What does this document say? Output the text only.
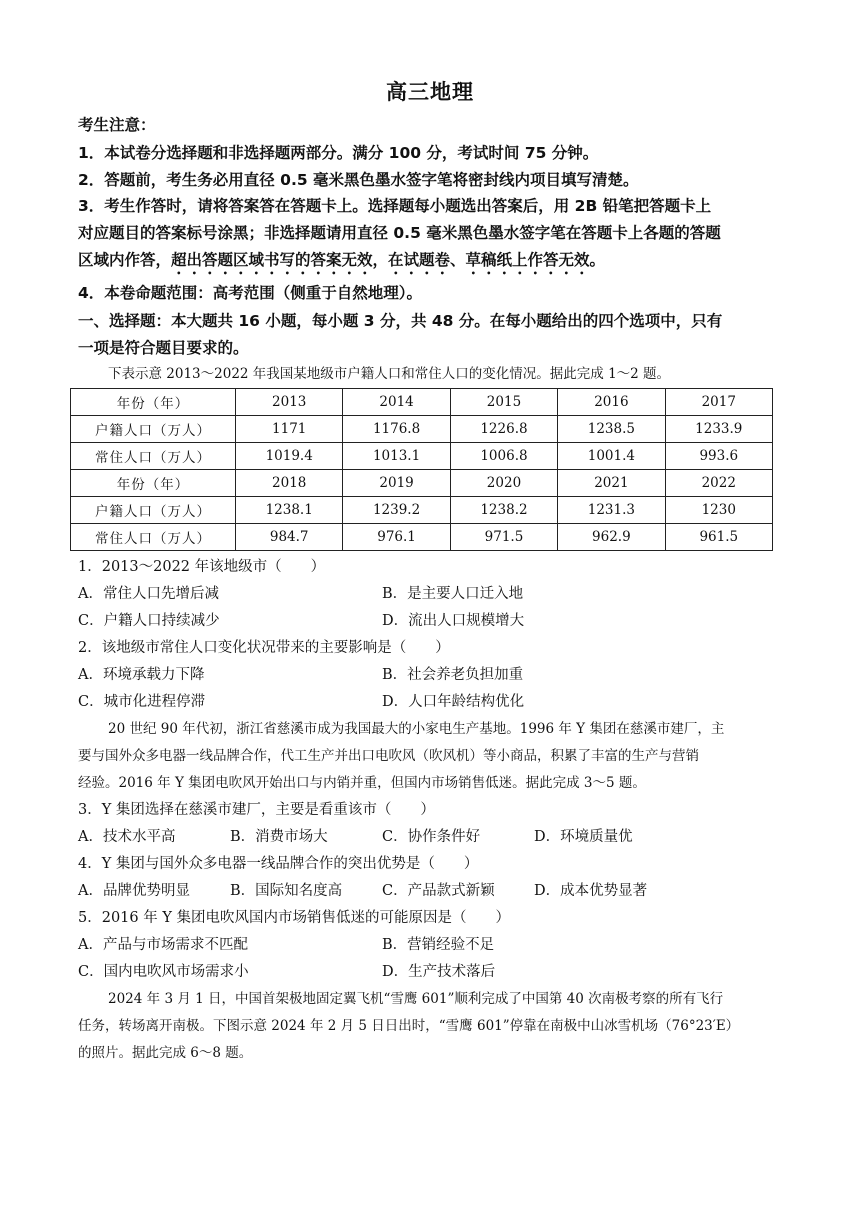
高三地理
考生注意：
1．本试卷分选择题和非选择题两部分。满分 100 分，考试时间 75 分钟。
2．答题前，考生务必用直径 0.5 毫米黑色墨水签字笔将密封线内项目填写清楚。
3．考生作答时，请将答案答在答题卡上。选择题每小题选出答案后，用 2B 铅笔把答题卡上
对应题目的答案标号涂黑；非选择题请用直径 0.5 毫米黑色墨水签字笔在答题卡上各题的答题
区域内作答，超出答题区域书写的答案无效，在试题卷、草稿纸上作答无效。
4．本卷命题范围：高考范围（侧重于自然地理）。
一、选择题：本大题共 16 小题，每小题 3 分，共 48 分。在每小题给出的四个选项中，只有
一项是符合题目要求的。
下表示意 2013～2022 年我国某地级市户籍人口和常住人口的变化情况。据此完成 1～2 题。
年份（年）	2013	2014	2015	2016	2017
户籍人口（万人）	1171	1176.8	1226.8	1238.5	1233.9
常住人口（万人）	1019.4	1013.1	1006.8	1001.4	993.6
年份（年）	2018	2019	2020	2021	2022
户籍人口（万人）	1238.1	1239.2	1238.2	1231.3	1230
常住人口（万人）	984.7	976.1	971.5	962.9	961.5
1．2013～2022 年该地级市（　　）
A．常住人口先增后减	B．是主要人口迁入地
C．户籍人口持续减少	D．流出人口规模增大
2．该地级市常住人口变化状况带来的主要影响是（　　）
A．环境承载力下降	B．社会养老负担加重
C．城市化进程停滞	D．人口年龄结构优化
20 世纪 90 年代初，浙江省慈溪市成为我国最大的小家电生产基地。1996 年 Y 集团在慈溪市建厂，主
要与国外众多电器一线品牌合作，代工生产并出口电吹风（吹风机）等小商品，积累了丰富的生产与营销
经验。2016 年 Y 集团电吹风开始出口与内销并重，但国内市场销售低迷。据此完成 3～5 题。
3．Y 集团选择在慈溪市建厂，主要是看重该市（　　）
A．技术水平高	B．消费市场大	C．协作条件好	D．环境质量优
4．Y 集团与国外众多电器一线品牌合作的突出优势是（　　）
A．品牌优势明显	B．国际知名度高	C．产品款式新颖	D．成本优势显著
5．2016 年 Y 集团电吹风国内市场销售低迷的可能原因是（　　）
A．产品与市场需求不匹配	B．营销经验不足
C．国内电吹风市场需求小	D．生产技术落后
2024 年 3 月 1 日，中国首架极地固定翼飞机“雪鹰 601”顺利完成了中国第 40 次南极考察的所有飞行
任务，转场离开南极。下图示意 2024 年 2 月 5 日日出时，“雪鹰 601”停靠在南极中山冰雪机场（76°23′E）
的照片。据此完成 6～8 题。
